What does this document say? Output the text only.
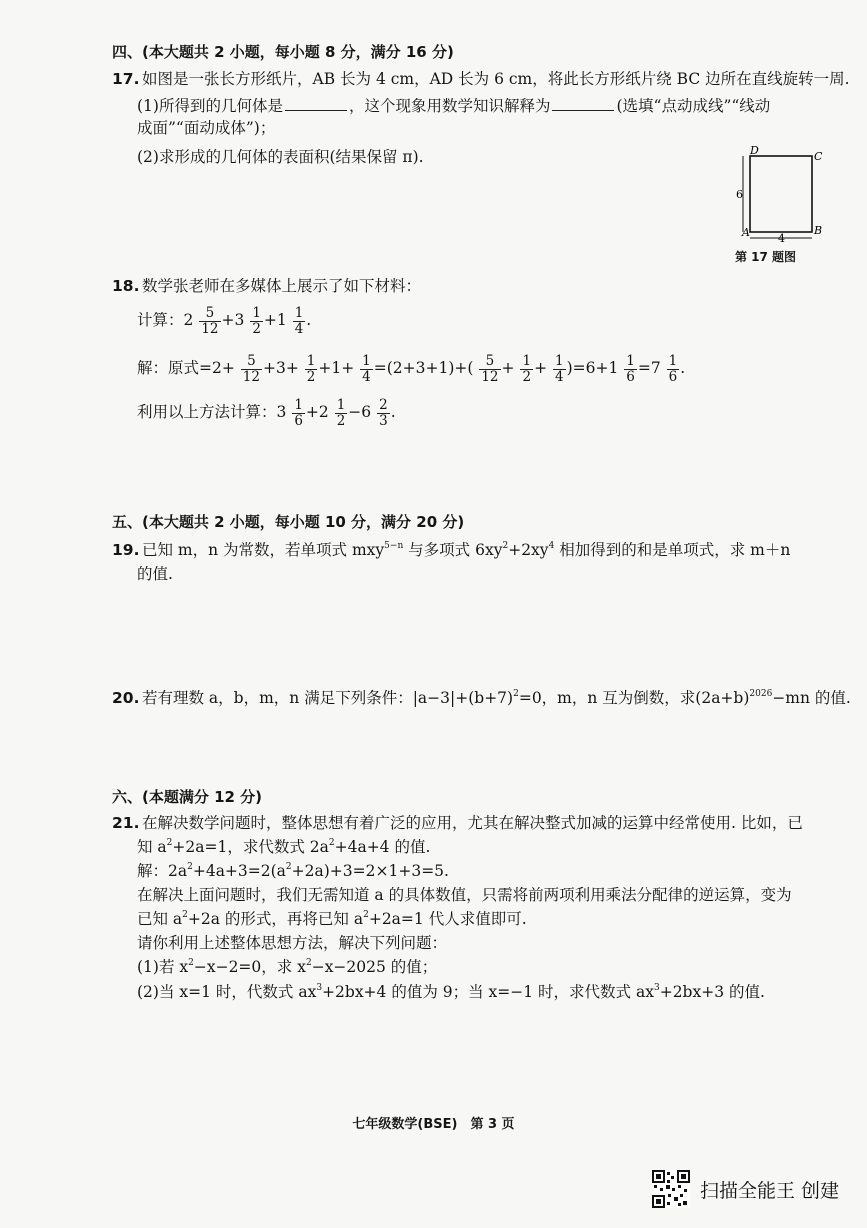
四、(本大题共 2 小题，每小题 8 分，满分 16 分)
17. 如图是一张长方形纸片，AB 长为 4 cm，AD 长为 6 cm，将此长方形纸片绕 BC 边所在直线旋转一周.
(1)所得到的几何体是	，这个现象用数学知识解释为	(选填“点动成线”“线动
成面”“面动成体”)；
(2)求形成的几何体的表面积(结果保留 π).	D	C
A	B
6
4
第 17 题图
18. 数学张老师在多媒体上展示了如下材料：
计算：$2 \frac{5}{12} +3 \frac{1}{2} +1 \frac{1}{4}$ .
解：原式$=2+ \frac{5}{12} +3+ \frac{1}{2} +1+ \frac{1}{4} =(2+3+1)+( \frac{5}{12} + \frac{1}{2} + \frac{1}{4} )=6+1 \frac{1}{6} =7 \frac{1}{6}$ .
利用以上方法计算：$3 \frac{1}{6} +2 \frac{1}{2} -6 \frac{2}{3}$ .
五、(本大题共 2 小题，每小题 10 分，满分 20 分)
19. 已知 m，n 为常数，若单项式 mxy$^{5-n}$ 与多项式 $6xy^2+2xy^4$ 相加得到的和是单项式，求 m＋n
的值.
20. 若有理数 a，b，m，n 满足下列条件：$|a-3|+(b+7)^2=0$，m，n 互为倒数，求$(2a+b)^{2026}-mn$ 的值.
六、(本题满分 12 分)
21. 在解决数学问题时，整体思想有着广泛的应用，尤其在解决整式加减的运算中经常使用. 比如，已
知 $a^2+2a=1$，求代数式 $2a^2+4a+4$ 的值.
解：$2a^2+4a+3=2(a^2+2a)+3=2\times 1+3=5$.
在解决上面问题时，我们无需知道 a 的具体数值，只需将前两项利用乘法分配律的逆运算，变为
已知 $a^2+2a$ 的形式，再将已知 $a^2+2a=1$ 代人求值即可.
请你利用上述整体思想方法，解决下列问题：
(1)若 $x^2-x-2=0$，求 $x^2-x-2025$ 的值；
(2)当 x=1 时，代数式 $ax^3+2bx+4$ 的值为 9；当 x=−1 时，求代数式 $ax^3+2bx+3$ 的值.
七年级数学(BSE)　第 3 页
扫描全能王 创建
